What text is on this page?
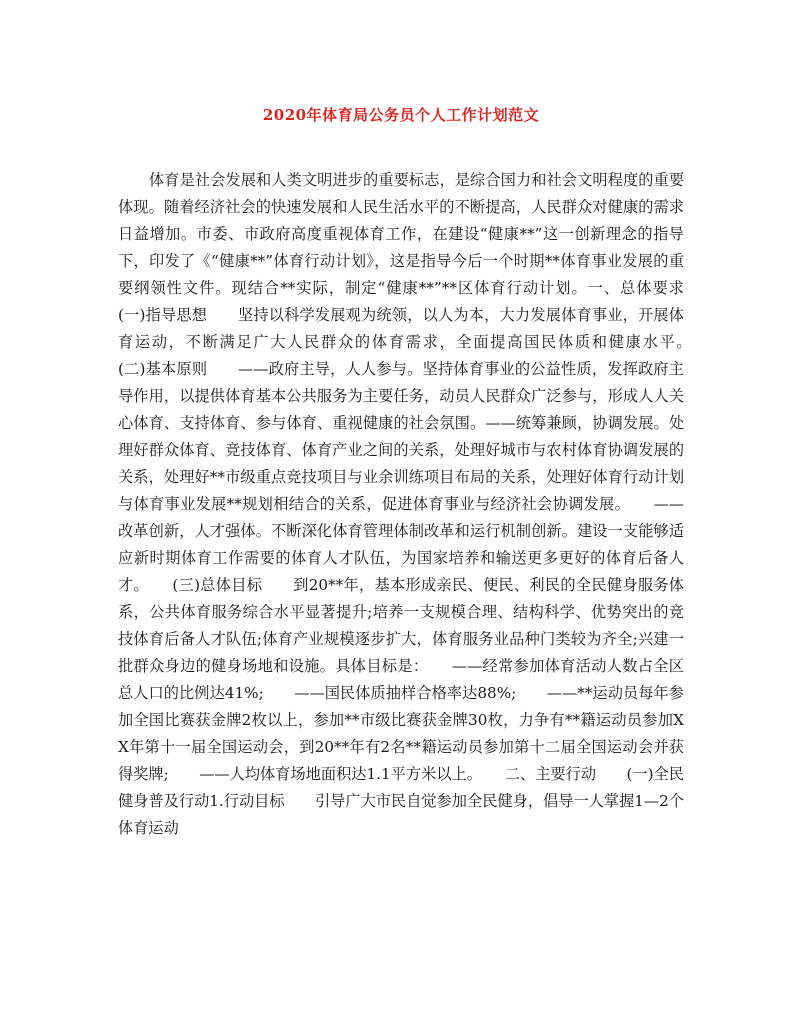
2020年体育局公务员个人工作计划范文

体育是社会发展和人类文明进步的重要标志，是综合国力和社会文明程度的重要体现。随着经济社会的快速发展和人民生活水平的不断提高，人民群众对健康的需求日益增加。市委、市政府高度重视体育工作，在建设“健康**”这一创新理念的指导下，印发了《“健康**”体育行动计划》，这是指导今后一个时期**体育事业发展的重要纲领性文件。现结合**实际，制定“健康**”**区体育行动计划。一、总体要求　　(一)指导思想　　坚持以科学发展观为统领，以人为本，大力发展体育事业，开展体育运动，不断满足广大人民群众的体育需求，全面提高国民体质和健康水平。　　(二)基本原则　　——政府主导，人人参与。坚持体育事业的公益性质，发挥政府主导作用，以提供体育基本公共服务为主要任务，动员人民群众广泛参与，形成人人关心体育、支持体育、参与体育、重视健康的社会氛围。——统筹兼顾，协调发展。处理好群众体育、竞技体育、体育产业之间的关系，处理好城市与农村体育协调发展的关系，处理好**市级重点竞技项目与业余训练项目布局的关系，处理好体育行动计划与体育事业发展**规划相结合的关系，促进体育事业与经济社会协调发展。　　——改革创新，人才强体。不断深化体育管理体制改革和运行机制创新。建设一支能够适应新时期体育工作需要的体育人才队伍，为国家培养和输送更多更好的体育后备人才。　　(三)总体目标　　到20**年，基本形成亲民、便民、利民的全民健身服务体系，公共体育服务综合水平显著提升;培养一支规模合理、结构科学、优势突出的竞技体育后备人才队伍;体育产业规模逐步扩大，体育服务业品种门类较为齐全;兴建一批群众身边的健身场地和设施。具体目标是：　　——经常参加体育活动人数占全区总人口的比例达41%;　　——国民体质抽样合格率达88%;　　——**运动员每年参加全国比赛获金牌2枚以上，参加**市级比赛获金牌30枚，力争有**籍运动员参加XX年第十一届全国运动会，到20**年有2名**籍运动员参加第十二届全国运动会并获得奖牌;　　——人均体育场地面积达1.1平方米以上。　　二、主要行动　　(一)全民健身普及行动1.行动目标　　引导广大市民自觉参加全民健身，倡导一人掌握1—2个体育运动
